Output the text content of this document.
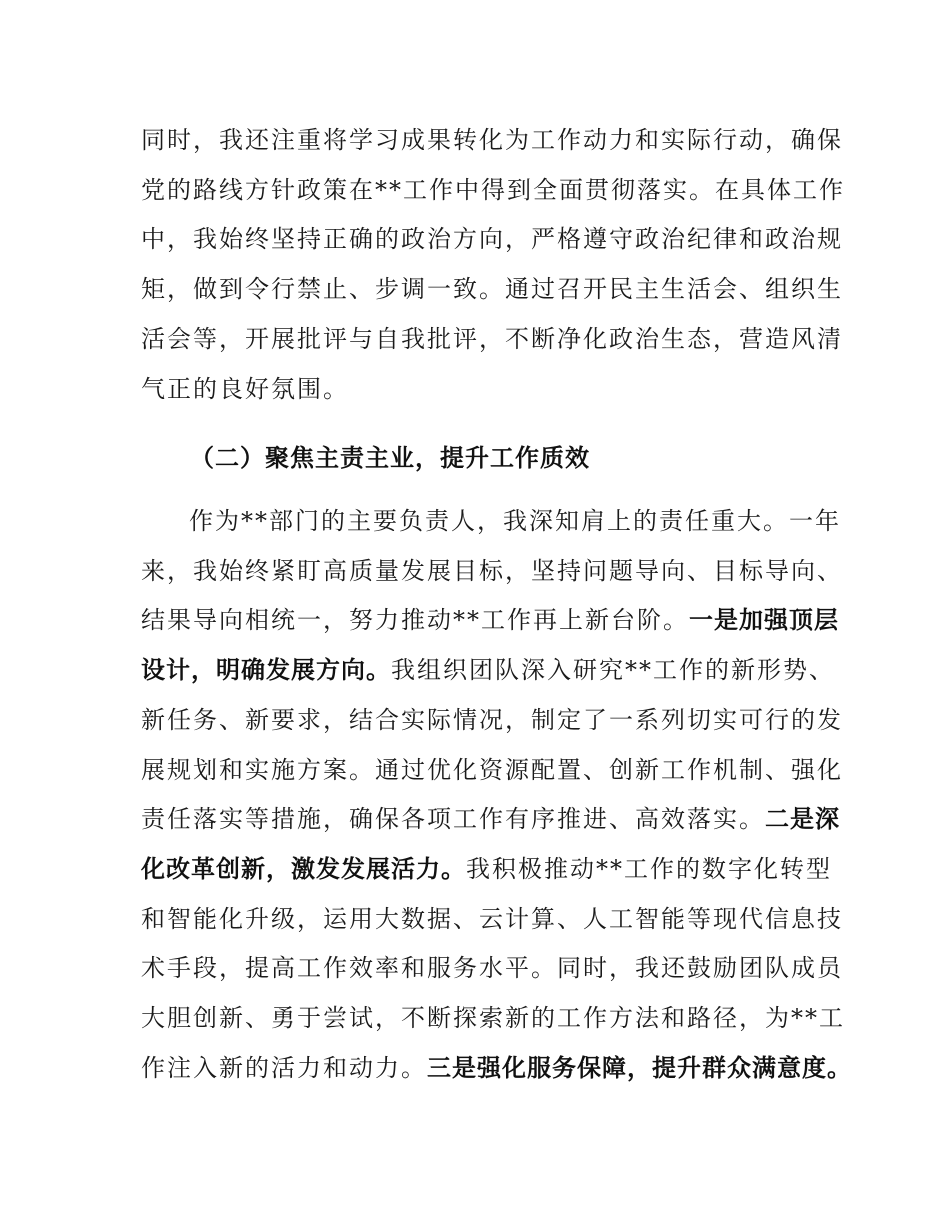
同时，我还注重将学习成果转化为工作动力和实际行动，确保
党的路线方针政策在**工作中得到全面贯彻落实。在具体工作
中，我始终坚持正确的政治方向，严格遵守政治纪律和政治规
矩，做到令行禁止、步调一致。通过召开民主生活会、组织生
活会等，开展批评与自我批评，不断净化政治生态，营造风清
气正的良好氛围。
（二）聚焦主责主业，提升工作质效
作为**部门的主要负责人，我深知肩上的责任重大。一年
来，我始终紧盯高质量发展目标，坚持问题导向、目标导向、
结果导向相统一，努力推动**工作再上新台阶。一是加强顶层
设计，明确发展方向。我组织团队深入研究**工作的新形势、
新任务、新要求，结合实际情况，制定了一系列切实可行的发
展规划和实施方案。通过优化资源配置、创新工作机制、强化
责任落实等措施，确保各项工作有序推进、高效落实。二是深
化改革创新，激发发展活力。我积极推动**工作的数字化转型
和智能化升级，运用大数据、云计算、人工智能等现代信息技
术手段，提高工作效率和服务水平。同时，我还鼓励团队成员
大胆创新、勇于尝试，不断探索新的工作方法和路径，为**工
作注入新的活力和动力。三是强化服务保障，提升群众满意度。
